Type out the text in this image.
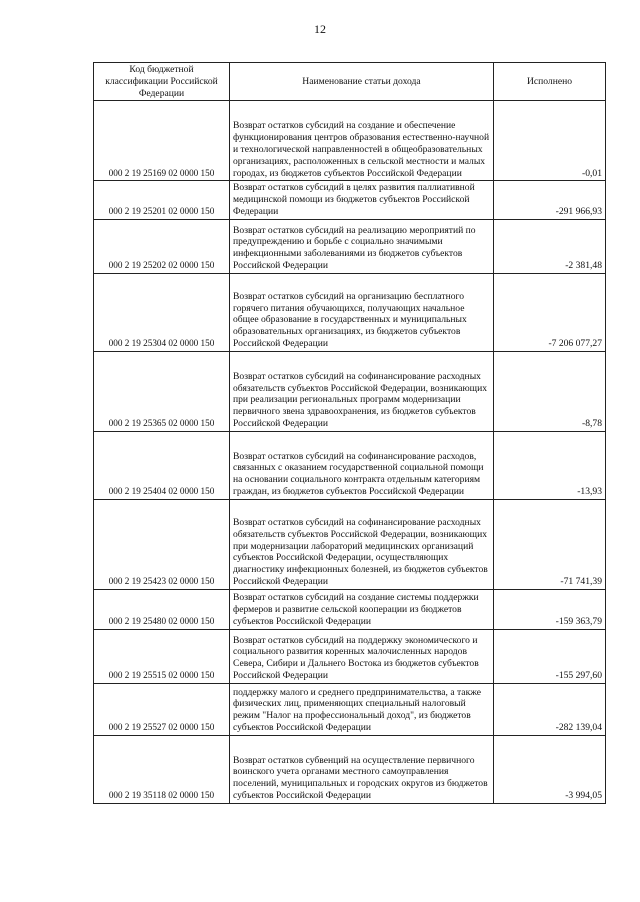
12
Код бюджетной классификации Российской Федерации	Наименование статьи дохода	Исполнено
000 2 19 25169 02 0000 150	Возврат остатков субсидий на создание и обеспечение функционирования центров образования естественно-научной и технологической направленностей в общеобразовательных организациях, расположенных в сельской местности и малых городах, из бюджетов субъектов Российской Федерации	-0,01
000 2 19 25201 02 0000 150	Возврат остатков субсидий в целях развития паллиативной медицинской помощи из бюджетов субъектов Российской Федерации	-291 966,93
000 2 19 25202 02 0000 150	Возврат остатков субсидий на реализацию мероприятий по предупреждению и борьбе с социально значимыми инфекционными заболеваниями из бюджетов субъектов Российской Федерации	-2 381,48
000 2 19 25304 02 0000 150	Возврат остатков субсидий на организацию бесплатного горячего питания обучающихся, получающих начальное общее образование в государственных и муниципальных образовательных организациях, из бюджетов субъектов Российской Федерации	-7 206 077,27
000 2 19 25365 02 0000 150	Возврат остатков субсидий на софинансирование расходных обязательств субъектов Российской Федерации, возникающих при реализации региональных программ модернизации первичного звена здравоохранения, из бюджетов субъектов Российской Федерации	-8,78
000 2 19 25404 02 0000 150	Возврат остатков субсидий на софинансирование расходов, связанных с оказанием государственной социальной помощи на основании социального контракта отдельным категориям граждан, из бюджетов субъектов Российской Федерации	-13,93
000 2 19 25423 02 0000 150	Возврат остатков субсидий на софинансирование расходных обязательств субъектов Российской Федерации, возникающих при модернизации лабораторий медицинских организаций субъектов Российской Федерации, осуществляющих диагностику инфекционных болезней, из бюджетов субъектов Российской Федерации	-71 741,39
000 2 19 25480 02 0000 150	Возврат остатков субсидий на создание системы поддержки фермеров и развитие сельской кооперации из бюджетов субъектов Российской Федерации	-159 363,79
000 2 19 25515 02 0000 150	Возврат остатков субсидий на поддержку экономического и социального развития коренных малочисленных народов Севера, Сибири и Дальнего Востока из бюджетов субъектов Российской Федерации	-155 297,60
000 2 19 25527 02 0000 150	поддержку малого и среднего предпринимательства, а также физических лиц, применяющих специальный налоговый режим "Налог на профессиональный доход", из бюджетов субъектов Российской Федерации	-282 139,04
000 2 19 35118 02 0000 150	Возврат остатков субвенций на осуществление первичного воинского учета органами местного самоуправления поселений, муниципальных и городских округов из бюджетов субъектов Российской Федерации	-3 994,05
